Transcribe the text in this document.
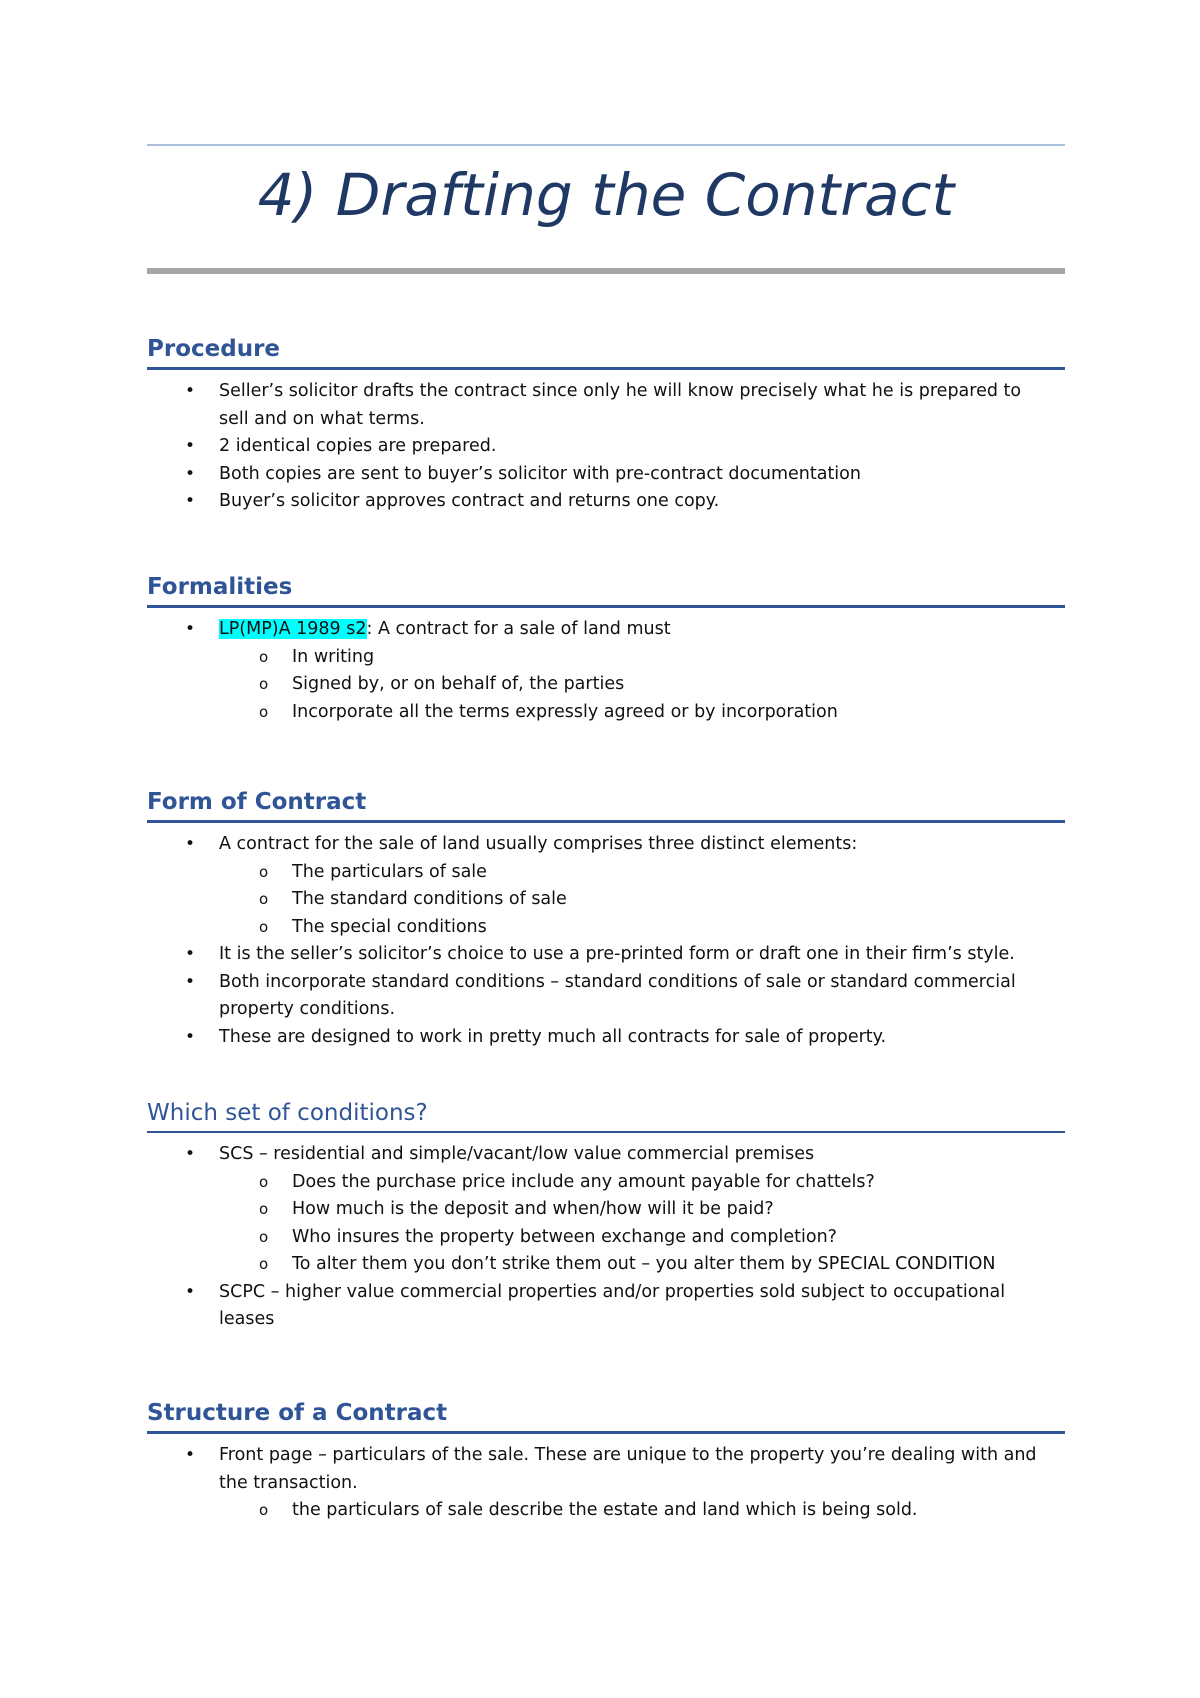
4) Drafting the Contract
Procedure
• Seller’s solicitor drafts the contract since only he will know precisely what he is prepared to
sell and on what terms.
• 2 identical copies are prepared.
• Both copies are sent to buyer’s solicitor with pre-contract documentation
• Buyer’s solicitor approves contract and returns one copy.
Formalities
• LP(MP)A 1989 s2: A contract for a sale of land must
o In writing
o Signed by, or on behalf of, the parties
o Incorporate all the terms expressly agreed or by incorporation
Form of Contract
• A contract for the sale of land usually comprises three distinct elements:
o The particulars of sale
o The standard conditions of sale
o The special conditions
• It is the seller’s solicitor’s choice to use a pre-printed form or draft one in their firm’s style.
• Both incorporate standard conditions – standard conditions of sale or standard commercial
property conditions.
• These are designed to work in pretty much all contracts for sale of property.
Which set of conditions?
• SCS – residential and simple/vacant/low value commercial premises
o Does the purchase price include any amount payable for chattels?
o How much is the deposit and when/how will it be paid?
o Who insures the property between exchange and completion?
o To alter them you don’t strike them out – you alter them by SPECIAL CONDITION
• SCPC – higher value commercial properties and/or properties sold subject to occupational
leases
Structure of a Contract
• Front page – particulars of the sale. These are unique to the property you’re dealing with and
the transaction.
o the particulars of sale describe the estate and land which is being sold.
